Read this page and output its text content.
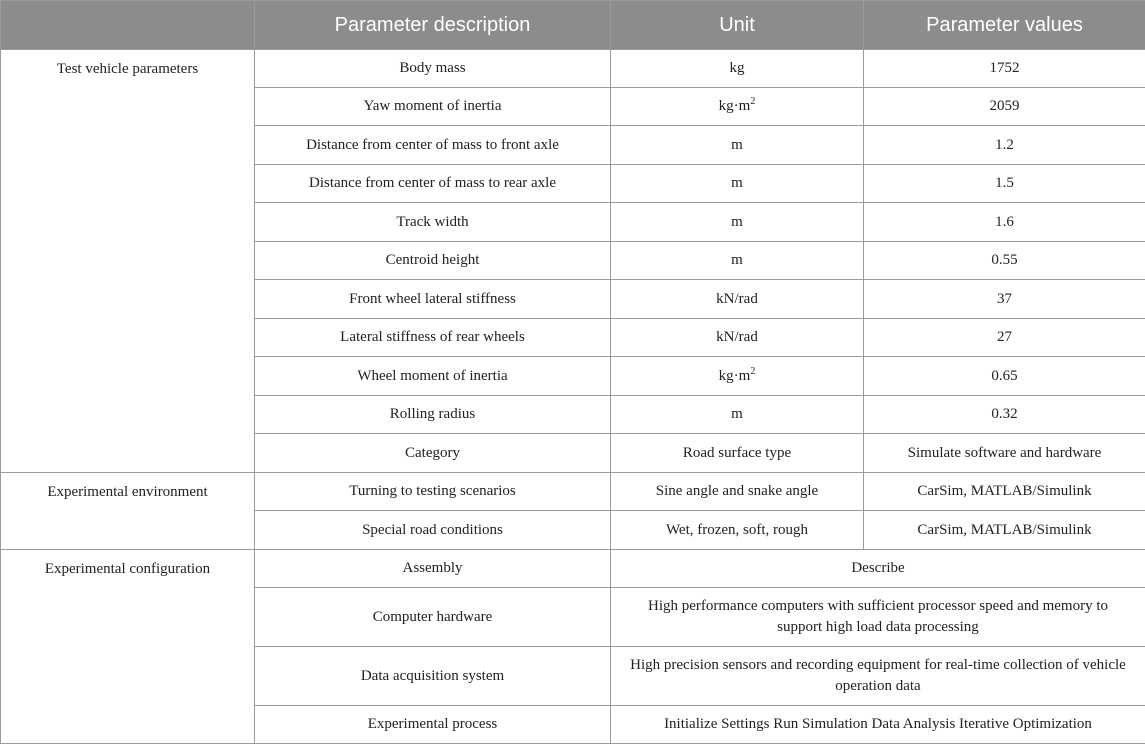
	Parameter description	Unit	Parameter values
Test vehicle parameters	Body mass	kg	1752
	Yaw moment of inertia	$kg\cdot m^2$	2059
	Distance from center of mass to front axle	m	1.2
	Distance from center of mass to rear axle	m	1.5
	Track width	m	1.6
	Centroid height	m	0.55
	Front wheel lateral stiffness	kN/rad	37
	Lateral stiffness of rear wheels	kN/rad	27
	Wheel moment of inertia	$kg\cdot m^2$	0.65
	Rolling radius	m	0.32
	Category	Road surface type	Simulate software and hardware
Experimental environment	Turning to testing scenarios	Sine angle and snake angle	CarSim, MATLAB/Simulink
	Special road conditions	Wet, frozen, soft, rough	CarSim, MATLAB/Simulink
Experimental configuration	Assembly	Describe	
	Computer hardware	High performance computers with sufficient processor speed and memory to support high load data processing	
	Data acquisition system	High precision sensors and recording equipment for real-time collection of vehicle operation data	
	Experimental process	Initialize Settings Run Simulation Data Analysis Iterative Optimization	
